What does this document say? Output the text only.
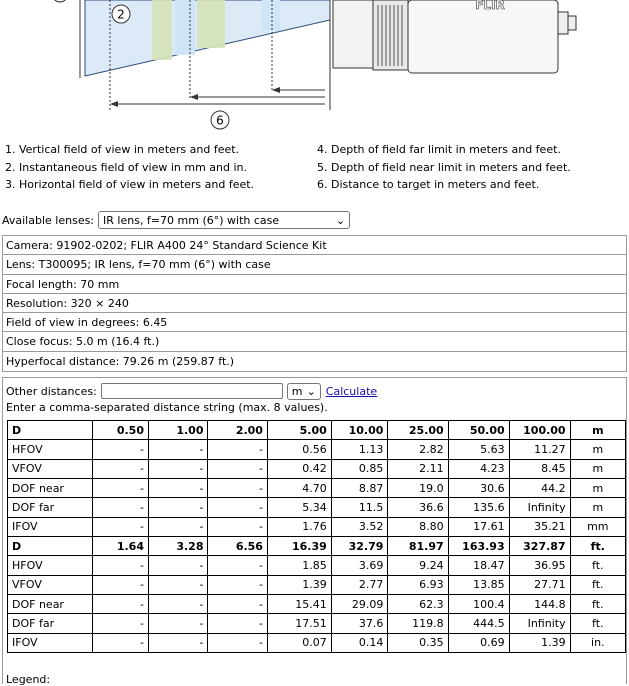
2
6
FLIR
1. Vertical field of view in meters and feet.
2. Instantaneous field of view in mm and in.
3. Horizontal field of view in meters and feet.
4. Depth of field far limit in meters and feet.
5. Depth of field near limit in meters and feet.
6. Distance to target in meters and feet.
Available lenses: IR lens, f=70 mm (6°) with case	⌄
Camera: 91902-0202; FLIR A400 24° Standard Science Kit
Lens: T300095; IR lens, f=70 mm (6°) with case
Focal length: 70 mm
Resolution: 320 × 240
Field of view in degrees: 6.45
Close focus: 5.0 m (16.4 ft.)
Hyperfocal distance: 79.26 m (259.87 ft.)
Other distances:	m ⌄ Calculate
Enter a comma-separated distance string (max. 8 values).
D	0.50	1.00	2.00	5.00	10.00	25.00	50.00	100.00	m
HFOV	-	-	-	0.56	1.13	2.82	5.63	11.27	m
VFOV	-	-	-	0.42	0.85	2.11	4.23	8.45	m
DOF near	-	-	-	4.70	8.87	19.0	30.6	44.2	m
DOF far	-	-	-	5.34	11.5	36.6	135.6	Infinity	m
IFOV	-	-	-	1.76	3.52	8.80	17.61	35.21	mm
D	1.64	3.28	6.56	16.39	32.79	81.97	163.93	327.87	ft.
HFOV	-	-	-	1.85	3.69	9.24	18.47	36.95	ft.
VFOV	-	-	-	1.39	2.77	6.93	13.85	27.71	ft.
DOF near	-	-	-	15.41	29.09	62.3	100.4	144.8	ft.
DOF far	-	-	-	17.51	37.6	119.8	444.5	Infinity	ft.
IFOV	-	-	-	0.07	0.14	0.35	0.69	1.39	in.
Legend:
